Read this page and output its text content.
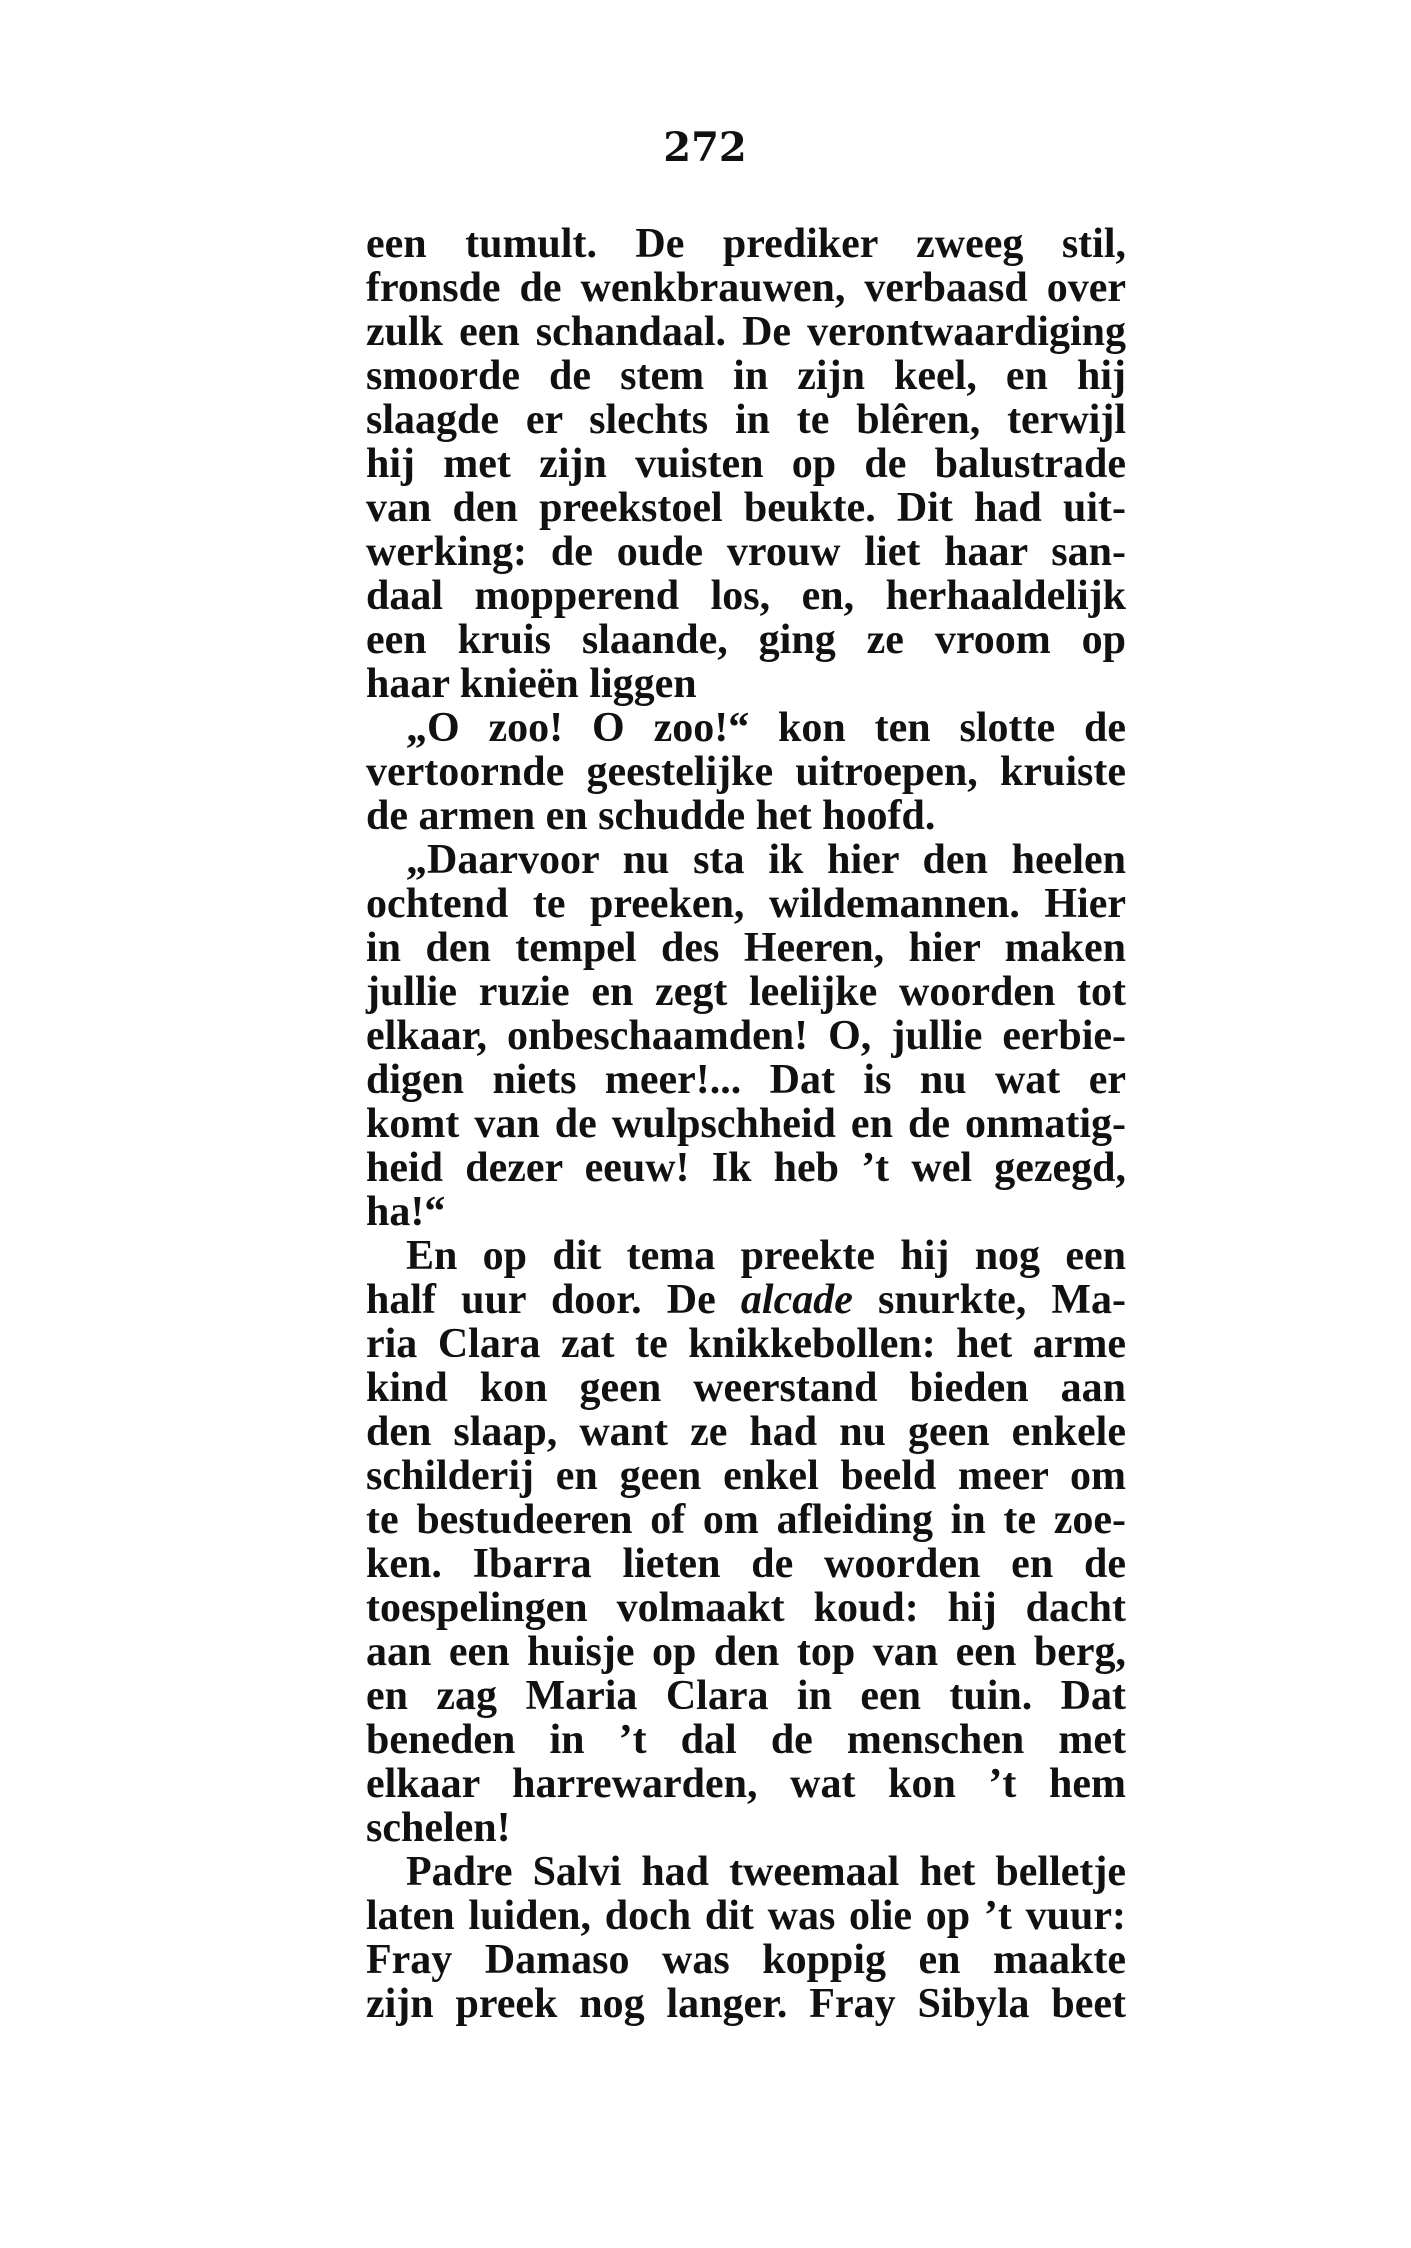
272
een tumult. De prediker zweeg stil,
fronsde de wenkbrauwen, verbaasd over
zulk een schandaal. De verontwaardiging
smoorde de stem in zijn keel, en hij
slaagde er slechts in te blêren, terwijl
hij met zijn vuisten op de balustrade
van den preekstoel beukte. Dit had uit-
werking: de oude vrouw liet haar san-
daal mopperend los, en, herhaaldelijk
een kruis slaande, ging ze vroom op
haar knieën liggen
„O zoo! O zoo!“ kon ten slotte de
vertoornde geestelijke uitroepen, kruiste
de armen en schudde het hoofd.
„Daarvoor nu sta ik hier den heelen
ochtend te preeken, wildemannen. Hier
in den tempel des Heeren, hier maken
jullie ruzie en zegt leelijke woorden tot
elkaar, onbeschaamden! O, jullie eerbie-
digen niets meer!... Dat is nu wat er
komt van de wulpschheid en de onmatig-
heid dezer eeuw! Ik heb ’t wel gezegd,
ha!“
En op dit tema preekte hij nog een
half uur door. De alcade snurkte, Ma-
ria Clara zat te knikkebollen: het arme
kind kon geen weerstand bieden aan
den slaap, want ze had nu geen enkele
schilderij en geen enkel beeld meer om
te bestudeeren of om afleiding in te zoe-
ken. Ibarra lieten de woorden en de
toespelingen volmaakt koud: hij dacht
aan een huisje op den top van een berg,
en zag Maria Clara in een tuin. Dat
beneden in ’t dal de menschen met
elkaar harrewarden, wat kon ’t hem
schelen!
Padre Salvi had tweemaal het belletje
laten luiden, doch dit was olie op ’t vuur:
Fray Damaso was koppig en maakte
zijn preek nog langer. Fray Sibyla beet
